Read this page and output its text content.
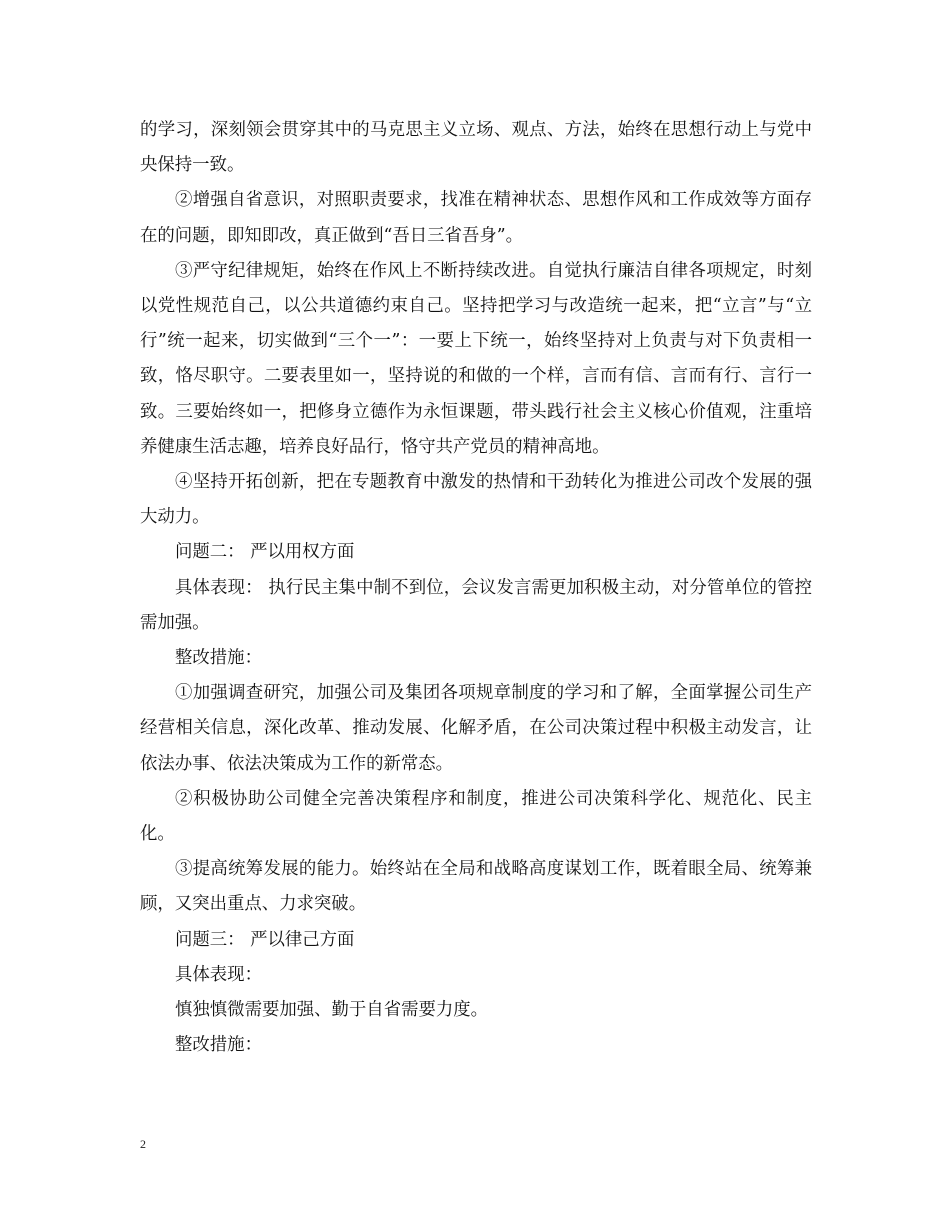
的学习，深刻领会贯穿其中的马克思主义立场、观点、方法，始终在思想行动上与党中央保持一致。

②增强自省意识，对照职责要求，找准在精神状态、思想作风和工作成效等方面存在的问题，即知即改，真正做到“吾日三省吾身”。

③严守纪律规矩，始终在作风上不断持续改进。自觉执行廉洁自律各项规定，时刻以党性规范自己，以公共道德约束自己。坚持把学习与改造统一起来，把“立言”与“立行”统一起来，切实做到“三个一”：一要上下统一，始终坚持对上负责与对下负责相一致，恪尽职守。二要表里如一，坚持说的和做的一个样，言而有信、言而有行、言行一致。三要始终如一，把修身立德作为永恒课题，带头践行社会主义核心价值观，注重培养健康生活志趣，培养良好品行，恪守共产党员的精神高地。

④坚持开拓创新，把在专题教育中激发的热情和干劲转化为推进公司改个发展的强大动力。

问题二： 严以用权方面

具体表现： 执行民主集中制不到位，会议发言需更加积极主动，对分管单位的管控需加强。

整改措施：

①加强调查研究，加强公司及集团各项规章制度的学习和了解，全面掌握公司生产经营相关信息，深化改革、推动发展、化解矛盾，在公司决策过程中积极主动发言，让依法办事、依法决策成为工作的新常态。

②积极协助公司健全完善决策程序和制度，推进公司决策科学化、规范化、民主化。

③提高统筹发展的能力。始终站在全局和战略高度谋划工作，既着眼全局、统筹兼顾，又突出重点、力求突破。

问题三： 严以律己方面

具体表现：

慎独慎微需要加强、勤于自省需要力度。

整改措施：

2
